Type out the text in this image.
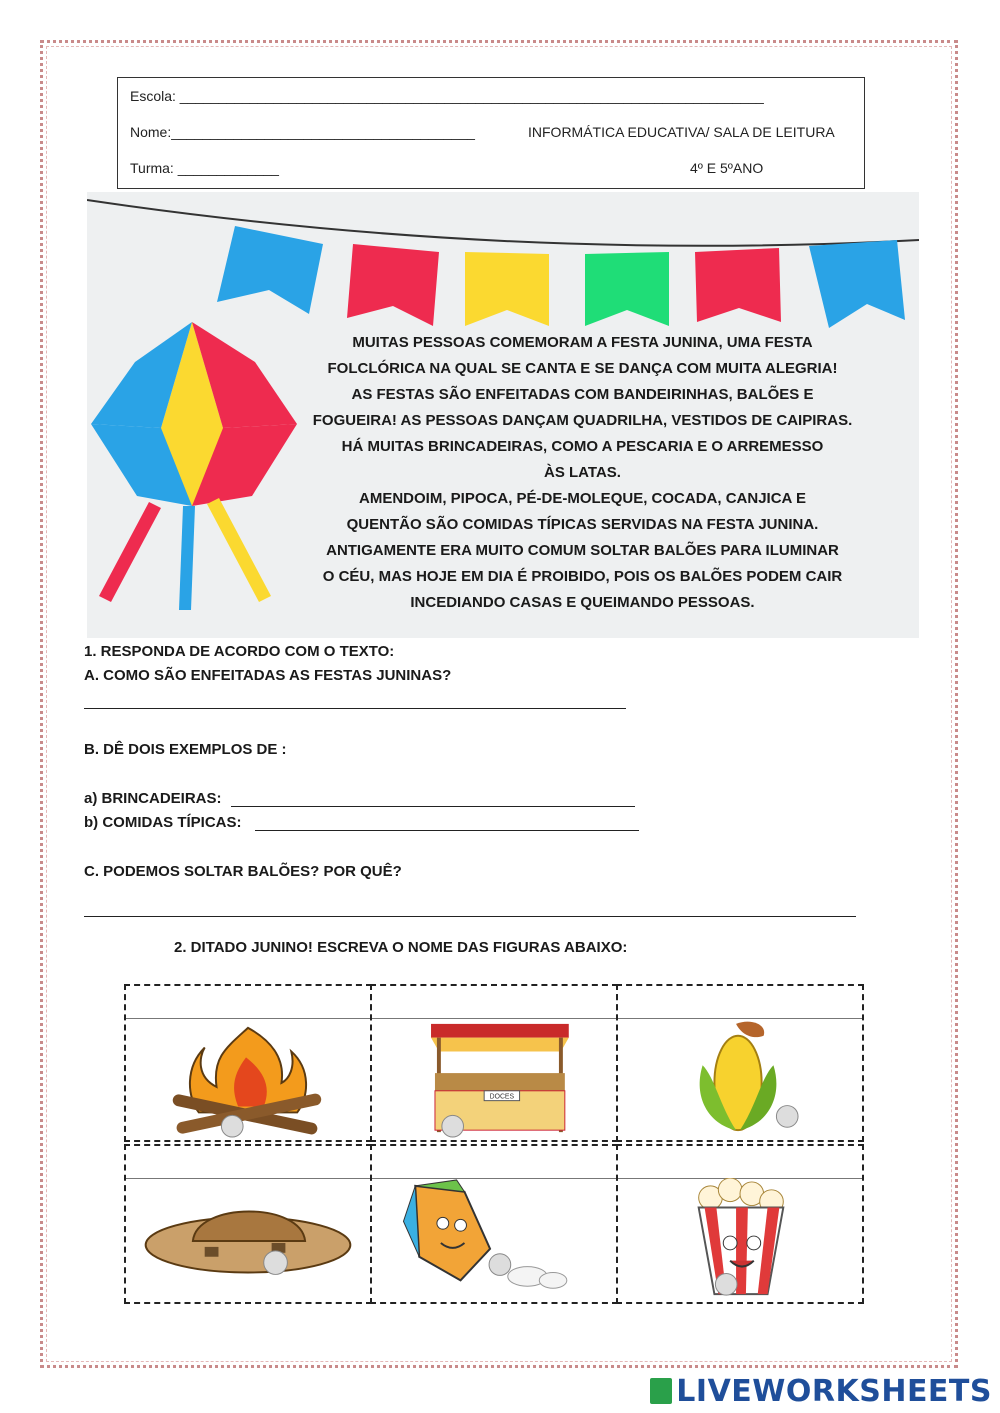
Escola: ___________________________________________________________________________
Nome:_______________________________________	INFORMÁTICA EDUCATIVA/ SALA DE LEITURA
Turma: _____________	4º E 5ºANO

MUITAS PESSOAS COMEMORAM A FESTA JUNINA, UMA FESTA

FOLCLÓRICA NA QUAL SE CANTA E SE DANÇA COM MUITA ALEGRIA!

AS FESTAS SÃO ENFEITADAS COM BANDEIRINHAS, BALÕES E

FOGUEIRA! AS PESSOAS DANÇAM QUADRILHA, VESTIDOS DE CAIPIRAS.

HÁ MUITAS BRINCADEIRAS, COMO A PESCARIA E O ARREMESSO

ÀS LATAS.

AMENDOIM, PIPOCA, PÉ-DE-MOLEQUE, COCADA, CANJICA E

QUENTÃO SÃO COMIDAS TÍPICAS SERVIDAS NA FESTA JUNINA.

ANTIGAMENTE ERA MUITO COMUM SOLTAR BALÕES PARA ILUMINAR

O CÉU, MAS HOJE EM DIA É PROIBIDO, POIS OS BALÕES PODEM CAIR

INCEDIANDO CASAS E QUEIMANDO PESSOAS.

1. RESPONDA DE ACORDO COM O TEXTO:
A. COMO SÃO ENFEITADAS AS FESTAS JUNINAS?
B. DÊ DOIS EXEMPLOS DE :
a) BRINCADEIRAS:
b) COMIDAS TÍPICAS:
C. PODEMOS SOLTAR BALÕES? POR QUÊ?
2. DITADO JUNINO! ESCREVA O NOME DAS FIGURAS ABAIXO:
DOCES
LIVEWORKSHEETS
